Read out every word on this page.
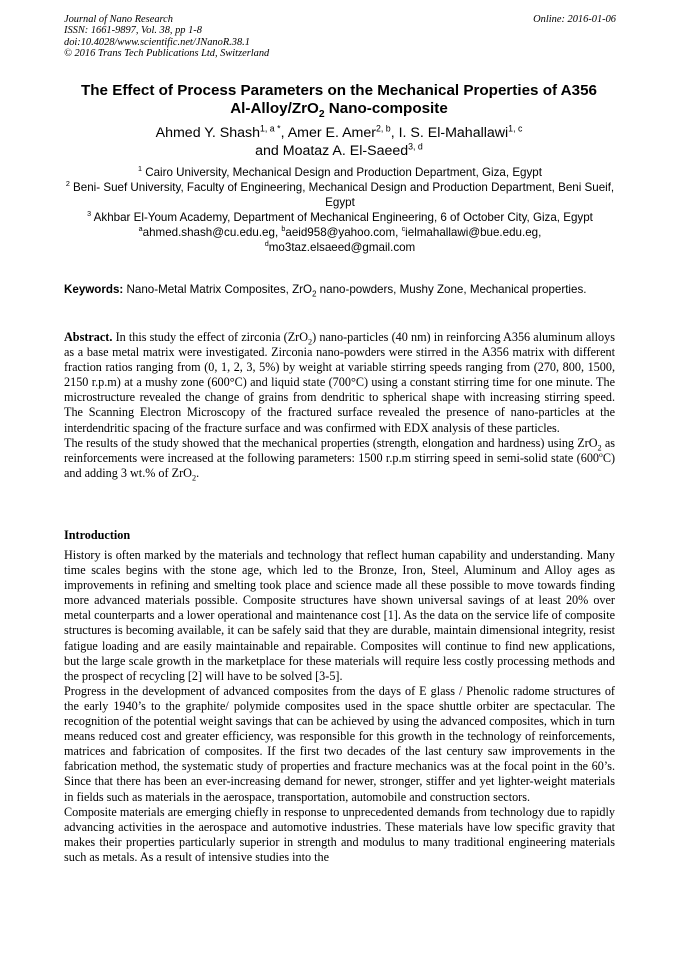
Journal of Nano Research
ISSN: 1661-9897, Vol. 38, pp 1-8
doi:10.4028/www.scientific.net/JNanoR.38.1
© 2016 Trans Tech Publications Ltd, Switzerland
Online: 2016-01-06
The Effect of Process Parameters on the Mechanical Properties of A356
Al-Alloy/ZrO$_2$ Nano-composite
Ahmed Y. Shash$^{1, a *}$, Amer E. Amer$^{2, b}$, I. S. El-Mahallawi$^{1, c}$
and Moataz A. El-Saeed$^{3, d}$
$^1$ Cairo University, Mechanical Design and Production Department, Giza, Egypt
$^2$ Beni- Suef University, Faculty of Engineering, Mechanical Design and Production Department, Beni Sueif, Egypt
$^3$ Akhbar El-Youm Academy, Department of Mechanical Engineering, 6 of October City, Giza, Egypt
$^a$ahmed.shash@cu.edu.eg, $^b$aeid958@yahoo.com, $^c$ielmahallawi@bue.edu.eg,
$^d$mo3taz.elsaeed@gmail.com
Keywords: Nano-Metal Matrix Composites, ZrO$_2$ nano-powders, Mushy Zone, Mechanical properties.

Abstract. In this study the effect of zirconia (ZrO$_2$) nano-particles (40 nm) in reinforcing A356 aluminum alloys as a base metal matrix were investigated. Zirconia nano-powders were stirred in the A356 matrix with different fraction ratios ranging from (0, 1, 2, 3, 5%) by weight at variable stirring speeds ranging from (270, 800, 1500, 2150 r.p.m) at a mushy zone (600°C) and liquid state (700°C) using a constant stirring time for one minute. The microstructure revealed the change of grains from dendritic to spherical shape with increasing stirring speed. The Scanning Electron Microscopy of the fractured surface revealed the presence of nano-particles at the interdendritic spacing of the fracture surface and was confirmed with EDX analysis of these particles.

The results of the study showed that the mechanical properties (strength, elongation and hardness) using ZrO$_2$ as reinforcements were increased at the following parameters: 1500 r.p.m stirring speed in semi-solid state (600$^o$C) and adding 3 wt.% of ZrO$_2$.

Introduction

History is often marked by the materials and technology that reflect human capability and understanding. Many time scales begins with the stone age, which led to the Bronze, Iron, Steel, Aluminum and Alloy ages as improvements in refining and smelting took place and science made all these possible to move towards finding more advanced materials possible. Composite structures have shown universal savings of at least 20% over metal counterparts and a lower operational and maintenance cost [1]. As the data on the service life of composite structures is becoming available, it can be safely said that they are durable, maintain dimensional integrity, resist fatigue loading and are easily maintainable and repairable. Composites will continue to find new applications, but the large scale growth in the marketplace for these materials will require less costly processing methods and the prospect of recycling [2] will have to be solved [3-5].

Progress in the development of advanced composites from the days of E glass / Phenolic radome structures of the early 1940’s to the graphite/ polymide composites used in the space shuttle orbiter are spectacular. The recognition of the potential weight savings that can be achieved by using the advanced composites, which in turn means reduced cost and greater efficiency, was responsible for this growth in the technology of reinforcements, matrices and fabrication of composites. If the first two decades of the last century saw improvements in the fabrication method, the systematic study of properties and fracture mechanics was at the focal point in the 60’s. Since that there has been an ever-increasing demand for newer, stronger, stiffer and yet lighter-weight materials in fields such as materials in the aerospace, transportation, automobile and construction sectors.

Composite materials are emerging chiefly in response to unprecedented demands from technology due to rapidly advancing activities in the aerospace and automotive industries. These materials have low specific gravity that makes their properties particularly superior in strength and modulus to many traditional engineering materials such as metals. As a result of intensive studies into the
